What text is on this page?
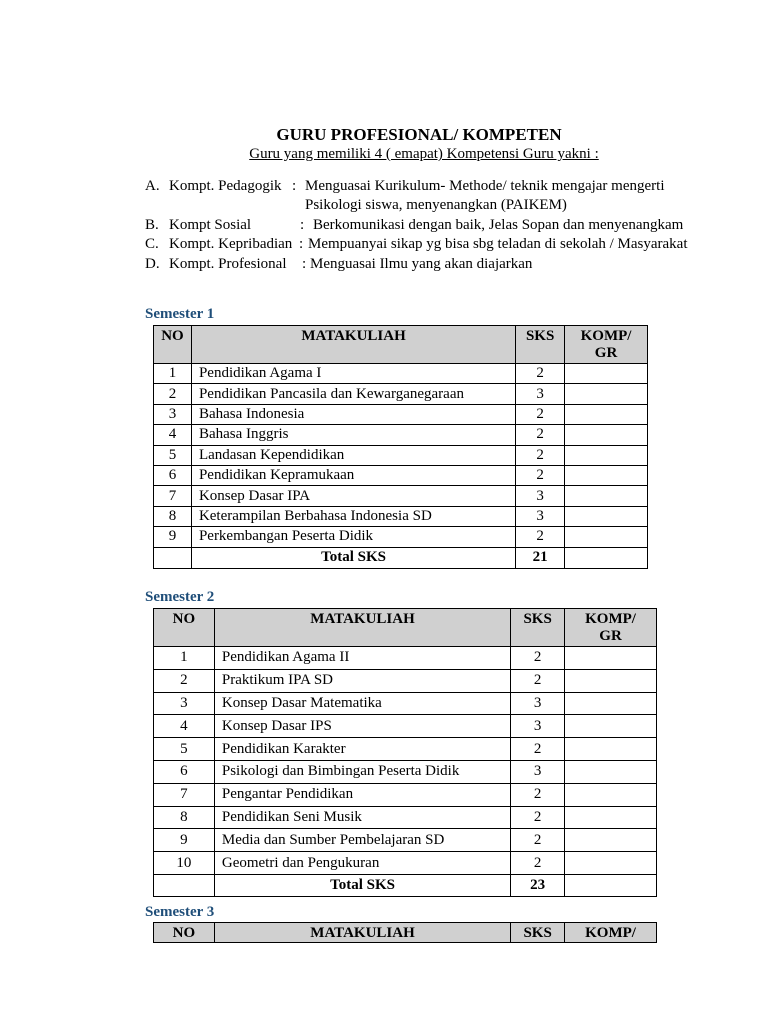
GURU PROFESIONAL/ KOMPETEN
Guru yang memiliki 4 ( emapat) Kompetensi Guru yakni :
A. Kompt. Pedagogik : Menguasai Kurikulum- Methode/ teknik mengajar mengerti
Psikologi siswa, menyenangkan (PAIKEM)
B. Kompt Sosial	: Berkomunikasi dengan baik, Jelas Sopan dan menyenangkam
C. Kompt. Kepribadian : Mempuanyai sikap yg bisa sbg teladan di sekolah / Masyarakat
D. Kompt. Profesional : Menguasai Ilmu yang akan diajarkan
Semester 1
NO	MATAKULIAH	SKS	KOMP/
GR
1	Pendidikan Agama I	2	
2	Pendidikan Pancasila dan Kewarganegaraan	3	
3	Bahasa Indonesia	2	
4	Bahasa Inggris	2	
5	Landasan Kependidikan	2	
6	Pendidikan Kepramukaan	2	
7	Konsep Dasar IPA	3	
8	Keterampilan Berbahasa Indonesia SD	3	
9	Perkembangan Peserta Didik	2	
	Total SKS	21	
Semester 2
NO	MATAKULIAH	SKS	KOMP/
GR
1	Pendidikan Agama II	2	
2	Praktikum IPA SD	2	
3	Konsep Dasar Matematika	3	
4	Konsep Dasar IPS	3	
5	Pendidikan Karakter	2	
6	Psikologi dan Bimbingan Peserta Didik	3	
7	Pengantar Pendidikan	2	
8	Pendidikan Seni Musik	2	
9	Media dan Sumber Pembelajaran SD	2	
10	Geometri dan Pengukuran	2	
	Total SKS	23	
Semester 3
NO	MATAKULIAH	SKS	KOMP/
